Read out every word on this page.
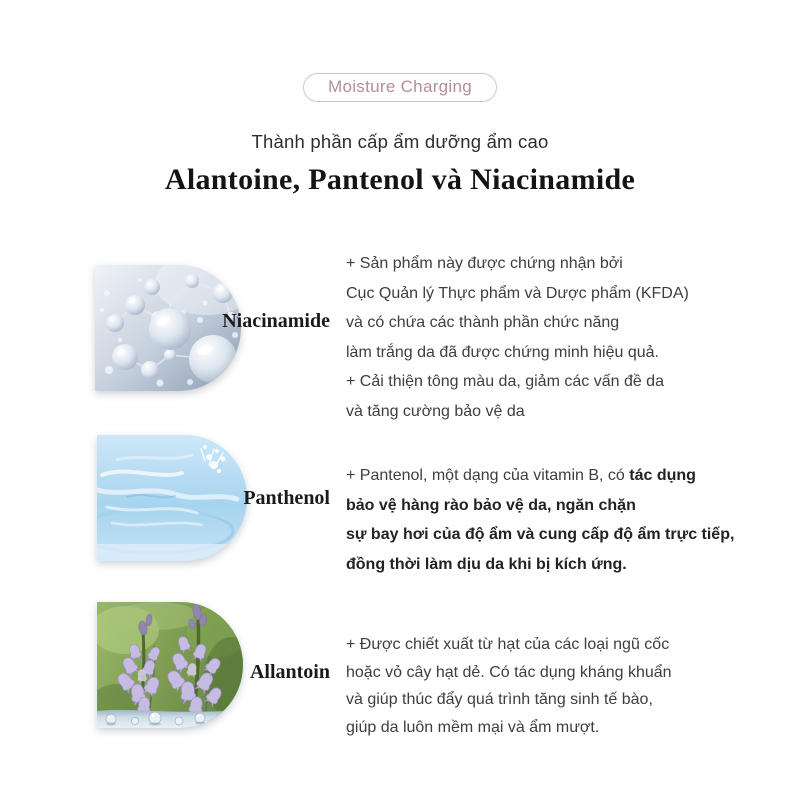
Moisture Charging
Thành phần cấp ẩm dưỡng ẩm cao
Alantoine, Pantenol và Niacinamide
Niacinamide
+ Sản phẩm này được chứng nhận bởi
Cục Quản lý Thực phẩm và Dược phẩm (KFDA)
và có chứa các thành phần chức năng
làm trắng da đã được chứng minh hiệu quả.
+ Cải thiện tông màu da, giảm các vấn đề da
và tăng cường bảo vệ da
Panthenol
+ Pantenol, một dạng của vitamin B, có tác dụng
bảo vệ hàng rào bảo vệ da, ngăn chặn
sự bay hơi của độ ẩm và cung cấp độ ẩm trực tiếp,
đồng thời làm dịu da khi bị kích ứng.
Allantoin
+ Được chiết xuất từ hạt của các loại ngũ cốc
hoặc vỏ cây hạt dẻ. Có tác dụng kháng khuẩn
và giúp thúc đẩy quá trình tăng sinh tế bào,
giúp da luôn mềm mại và ẩm mượt.
